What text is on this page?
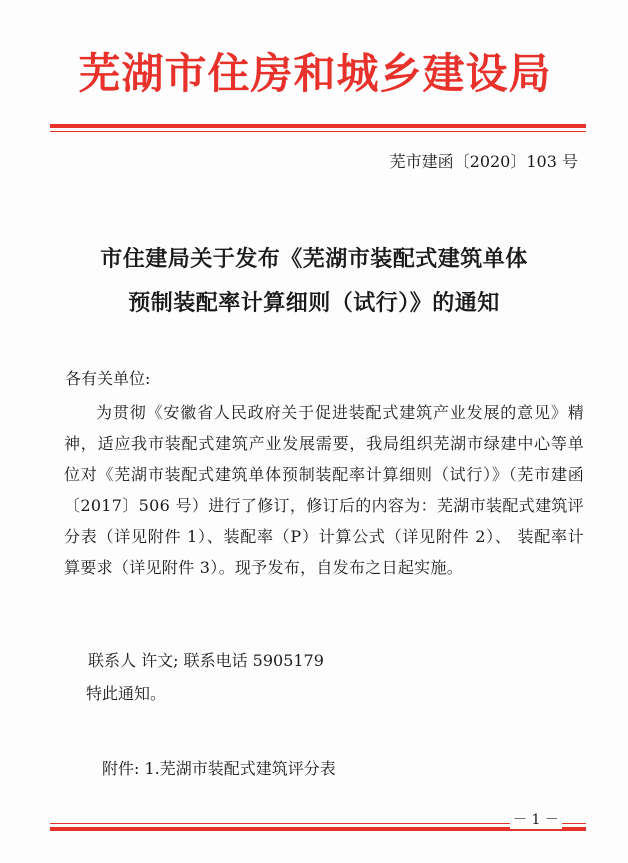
芜湖市住房和城乡建设局
芜市建函〔2020〕103 号
市住建局关于发布《芜湖市装配式建筑单体
预制装配率计算细则（试行）》的通知
各有关单位:
为贯彻《安徽省人民政府关于促进装配式建筑产业发展的意见》精神，适应我市装配式建筑产业发展需要，我局组织芜湖市绿建中心等单位对《芜湖市装配式建筑单体预制装配率计算细则（试行）》（芜市建函〔2017〕506 号）进行了修订，修订后的内容为：芜湖市装配式建筑评分表（详见附件 1）、装配率（P）计算公式（详见附件 2）、 装配率计算要求（详见附件 3）。现予发布，自发布之日起实施。
联系人 许文; 联系电话 5905179
特此通知。
附件: 1.芜湖市装配式建筑评分表
－ 1 －
